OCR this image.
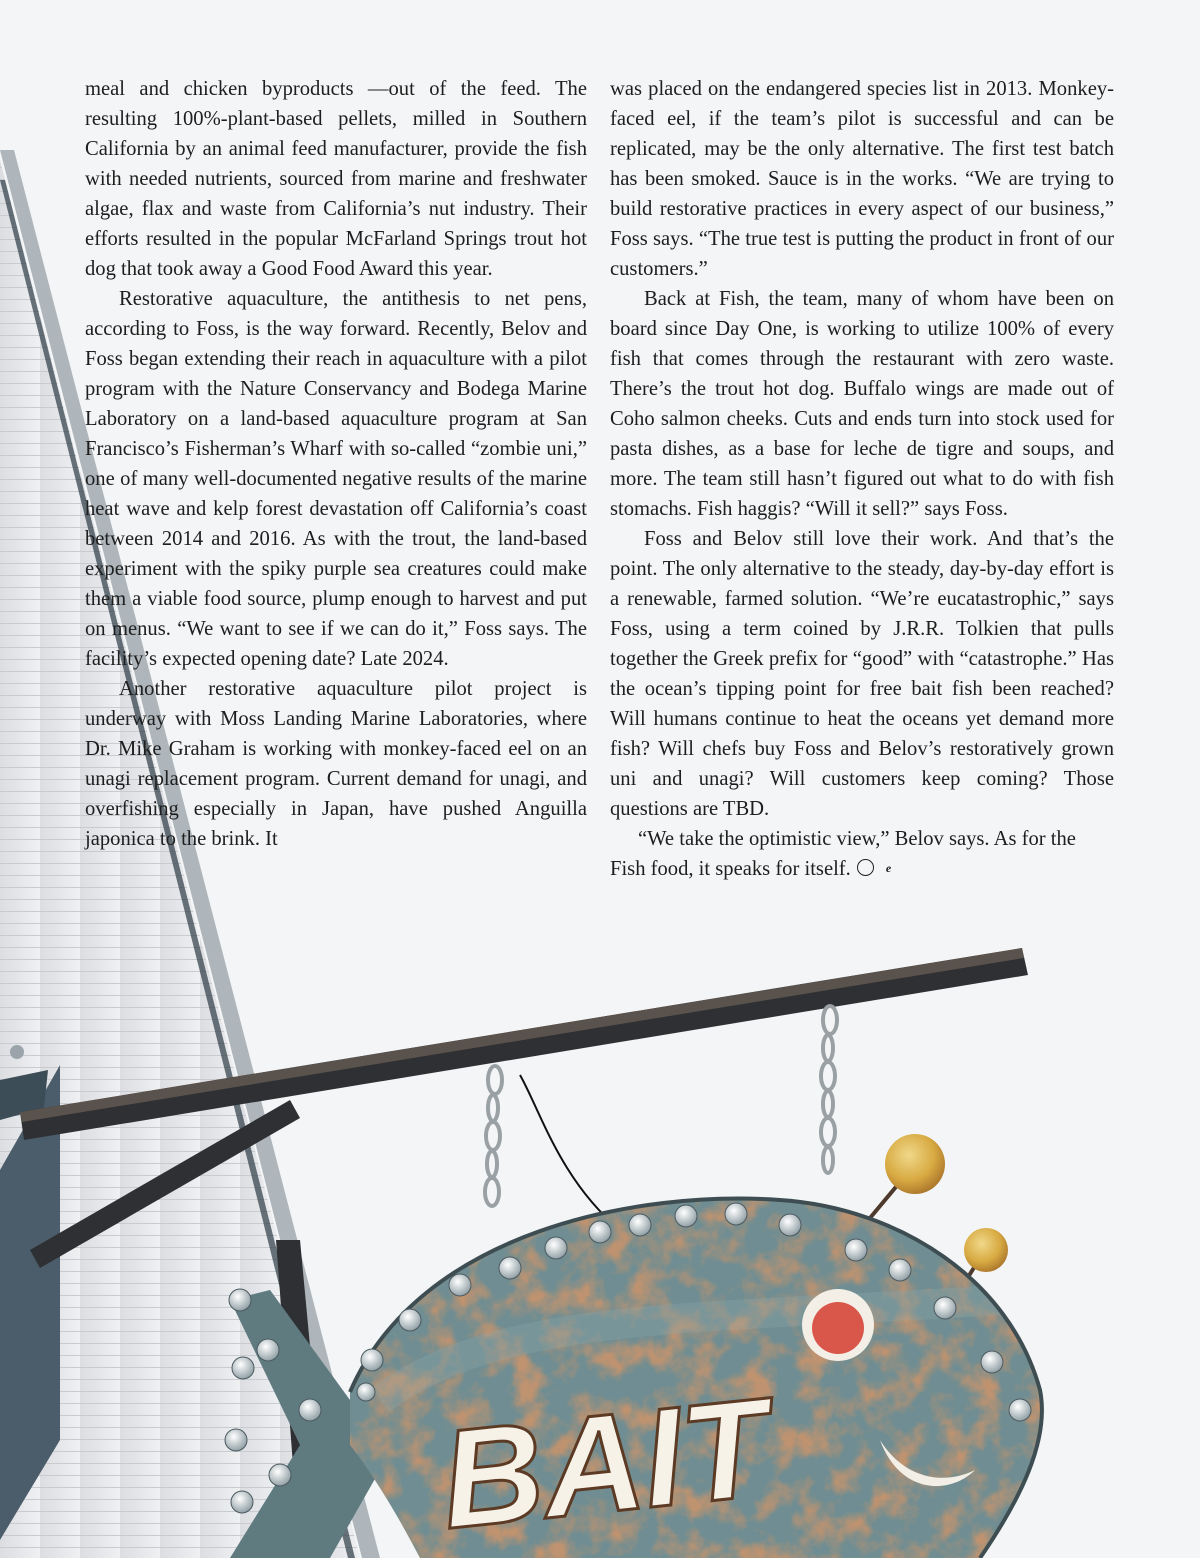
BAIT

meal and chicken byproducts —out of the feed. The resulting 100%-plant-based pellets, milled in Southern California by an animal feed manufacturer, provide the fish with needed nutrients, sourced from marine and freshwater algae, flax and waste from California’s nut industry. Their efforts resulted in the popular McFarland Springs trout hot dog that took away a Good Food Award this year.

Restorative aquaculture, the antithesis to net pens, according to Foss, is the way forward. Recently, Belov and Foss began extending their reach in aquaculture with a pilot program with the Nature Conservancy and Bodega Marine Laboratory on a land-based aquaculture program at San Francisco’s Fisherman’s Wharf with so-called “zombie uni,” one of many well-documented negative results of the marine heat wave and kelp forest devastation off California’s coast between 2014 and 2016. As with the trout, the land-based experiment with the spiky purple sea creatures could make them a viable food source, plump enough to harvest and put on menus. “We want to see if we can do it,” Foss says. The facility’s expected opening date? Late 2024.

Another restorative aquaculture pilot project is underway with Moss Landing Marine Laboratories, where Dr. Mike Graham is working with monkey-faced eel on an unagi replacement program. Current demand for unagi, and overfishing especially in Japan, have pushed Anguilla japonica to the brink. It

was placed on the endangered species list in 2013. Monkey-faced eel, if the team’s pilot is successful and can be replicated, may be the only alternative. The first test batch has been smoked. Sauce is in the works. “We are trying to build restorative practices in every aspect of our business,” Foss says. “The true test is putting the product in front of our customers.”

Back at Fish, the team, many of whom have been on board since Day One, is working to utilize 100% of every fish that comes through the restaurant with zero waste. There’s the trout hot dog. Buffalo wings are made out of Coho salmon cheeks. Cuts and ends turn into stock used for pasta dishes, as a base for leche de tigre and soups, and more. The team still hasn’t figured out what to do with fish stomachs. Fish haggis? “Will it sell?” says Foss.

Foss and Belov still love their work. And that’s the point. The only alternative to the steady, day-by-day effort is a renewable, farmed solution. “We’re eucatastrophic,” says Foss, using a term coined by J.R.R. Tolkien that pulls together the Greek prefix for “good” with “catastrophe.” Has the ocean’s tipping point for free bait fish been reached? Will humans continue to heat the oceans yet demand more fish? Will chefs buy Foss and Belov’s restoratively grown uni and unagi? Will customers keep coming? Those questions are TBD.

“We take the optimistic view,” Belov says. As for the Fish food, it speaks for itself.	e
